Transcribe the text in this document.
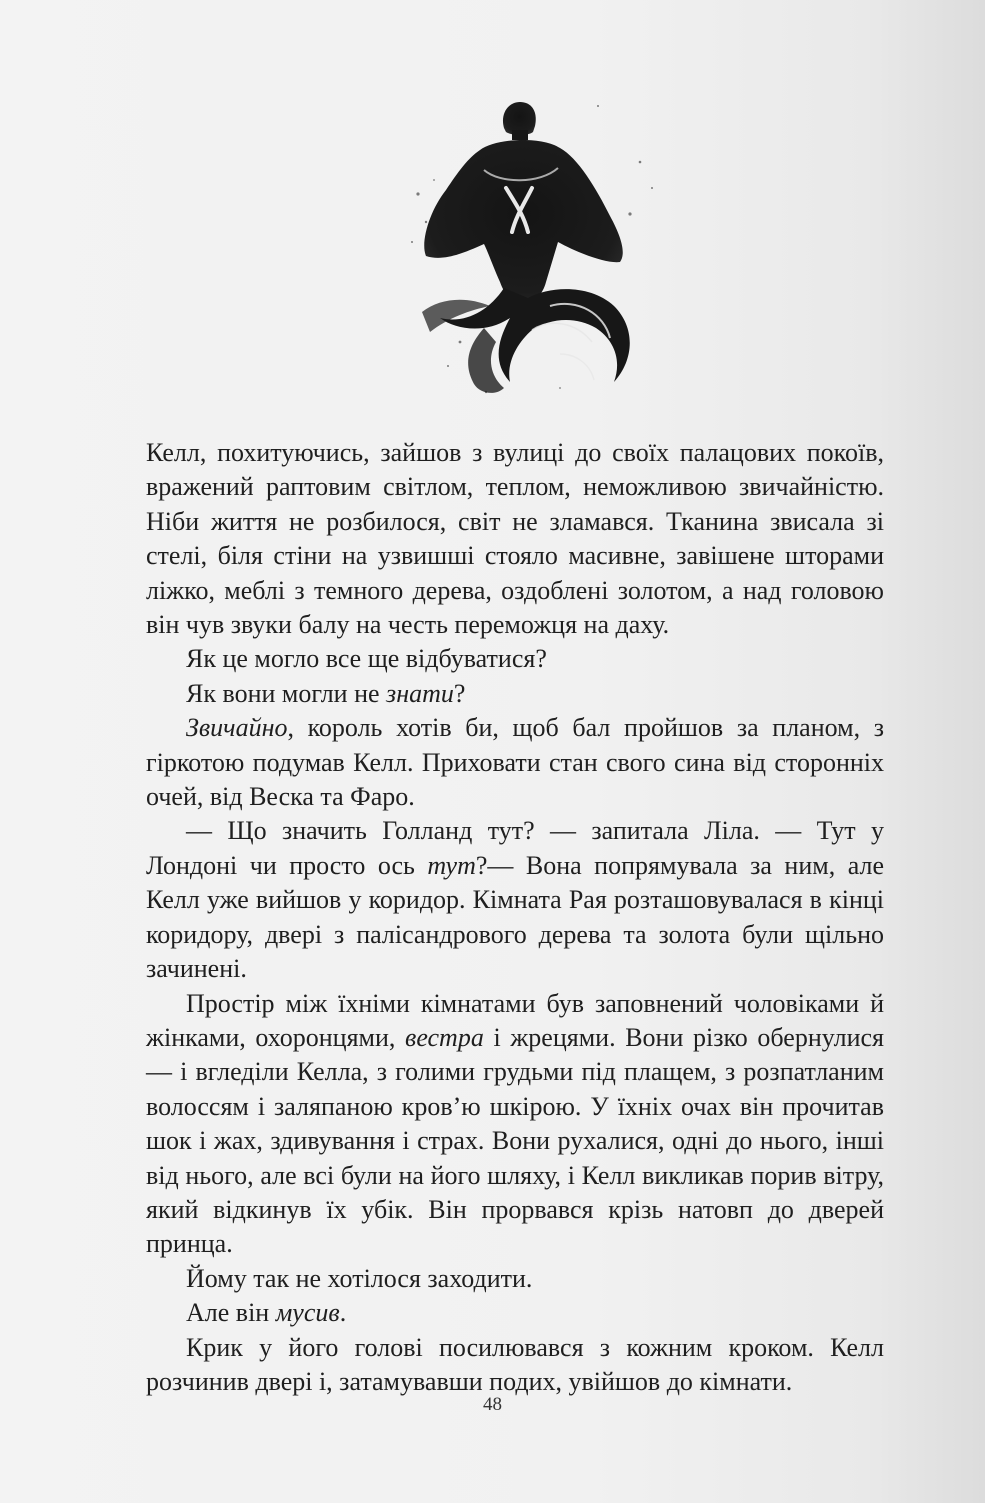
Келл, похитуючись, зайшов з вулиці до своїх палацових покоїв, вражений раптовим світлом, теплом, неможливою звичайністю. Ніби життя не розбилося, світ не зламався. Тканина звисала зі стелі, біля стіни на узвишші стояло масивне, завішене шторами ліжко, меблі з темного дерева, оздоблені золотом, а над головою він чув звуки балу на честь переможця на даху.

Як це могло все ще відбуватися?

Як вони могли не знати?

Звичайно, король хотів би, щоб бал пройшов за планом, з гіркотою подумав Келл. Приховати стан свого сина від сторонніх очей, від Веска та Фаро.

— Що значить Голланд тут? — запитала Ліла. — Тут у Лондоні чи просто ось тут?— Вона попрямувала за ним, але Келл уже вийшов у коридор. Кімната Рая розташовувалася в кінці коридору, двері з палісандрового дерева та золота були щільно зачинені.

Простір між їхніми кімнатами був заповнений чоловіками й жінками, охоронцями, вестра і жрецями. Вони різко обернулися — і вгледіли Келла, з голими грудьми під плащем, з розпатланим волоссям і заляпаною кров’ю шкірою. У їхніх очах він прочитав шок і жах, здивування і страх. Вони рухалися, одні до нього, інші від нього, але всі були на його шляху, і Келл викликав порив вітру, який відкинув їх убік. Він прорвався крізь натовп до дверей принца.

Йому так не хотілося заходити.

Але він мусив.

Крик у його голові посилювався з кожним кроком. Келл розчинив двері і, затамувавши подих, увійшов до кімнати.

48
